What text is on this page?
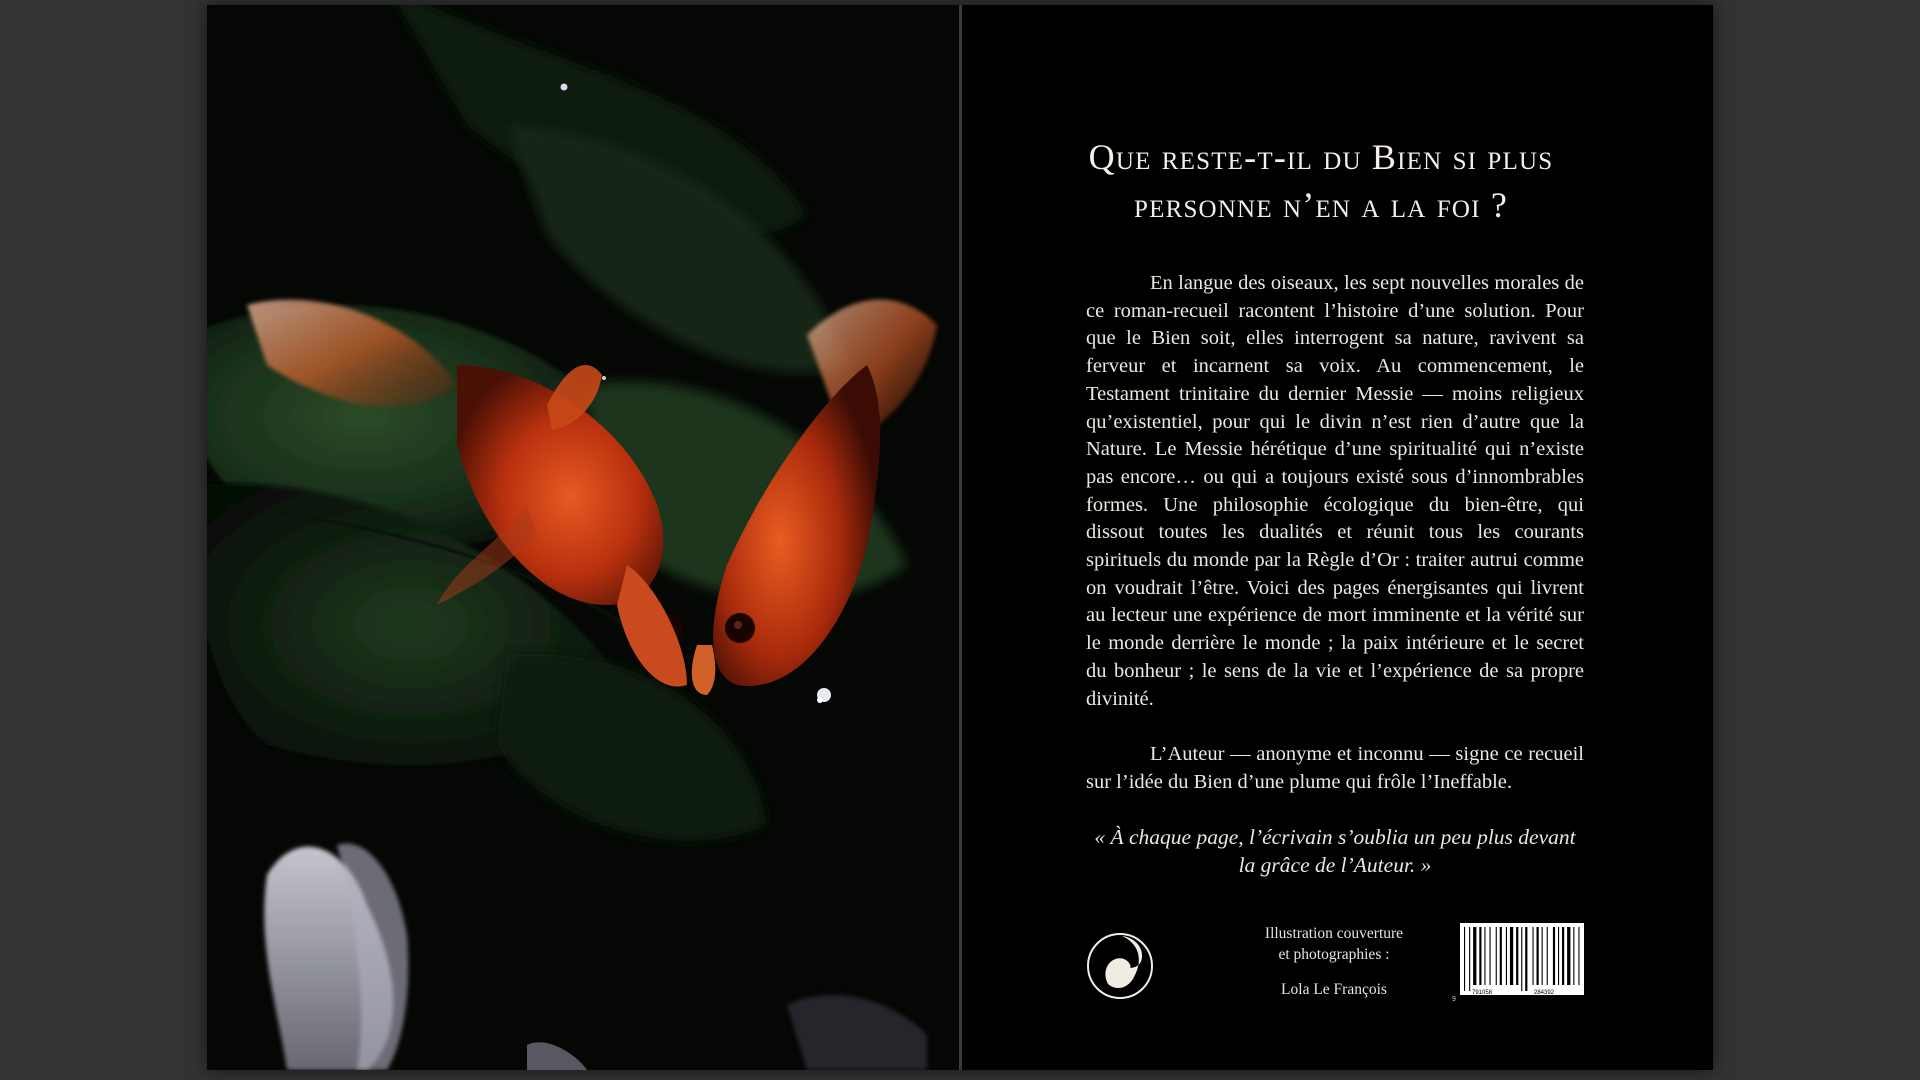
Que reste-t-il du Bien si plus personne n’en a la foi ?

En langue des oiseaux, les sept nouvelles morales de ce roman-recueil racontent l’histoire d’une solution. Pour que le Bien soit, elles interrogent sa nature, ravivent sa ferveur et incarnent sa voix. Au commencement, le Testament trinitaire du dernier Messie — moins religieux qu’existentiel, pour qui le divin n’est rien d’autre que la Nature. Le Messie hérétique d’une spiritualité qui n’existe pas encore… ou qui a toujours existé sous d’innombrables formes. Une philosophie écologique du bien-être, qui dissout toutes les dualités et réunit tous les courants spirituels du monde par la Règle d’Or : traiter autrui comme on voudrait l’être. Voici des pages énergisantes qui livrent au lecteur une expérience de mort imminente et la vérité sur le monde derrière le monde ; la paix intérieure et le secret du bonheur ; le sens de la vie et l’expérience de sa propre divinité.

L’Auteur — anonyme et inconnu — signe ce recueil sur l’idée du Bien d’une plume qui frôle l’Ineffable.

« À chaque page, l’écrivain s’oublia un peu plus devant la grâce de l’Auteur. »
Illustration couverture
et photographies :
Lola Le François
9
791058	284392
